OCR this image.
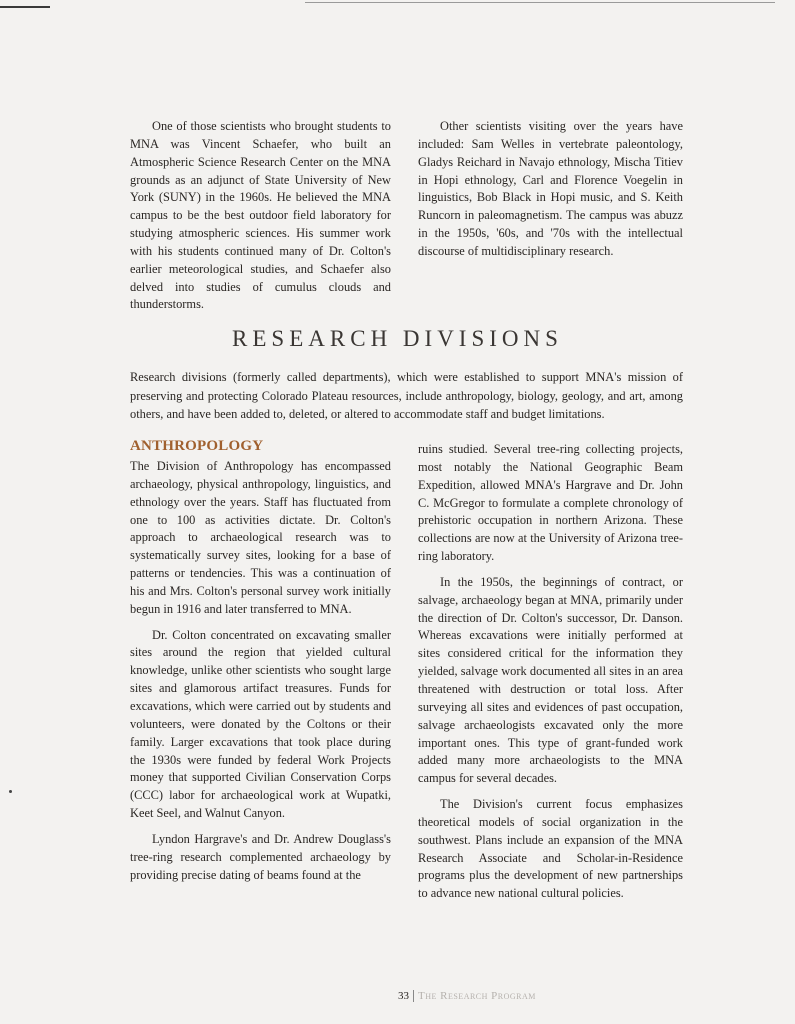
One of those scientists who brought students to MNA was Vincent Schaefer, who built an Atmospheric Science Research Center on the MNA grounds as an adjunct of State University of New York (SUNY) in the 1960s. He believed the MNA campus to be the best outdoor field laboratory for studying atmospheric sciences. His summer work with his students continued many of Dr. Colton's earlier meteorological studies, and Schaefer also delved into studies of cumulus clouds and thunderstorms.

Other scientists visiting over the years have included: Sam Welles in vertebrate paleontology, Gladys Reichard in Navajo ethnology, Mischa Titiev in Hopi ethnology, Carl and Florence Voegelin in linguistics, Bob Black in Hopi music, and S. Keith Runcorn in paleomagnetism. The campus was abuzz in the 1950s, '60s, and '70s with the intellectual discourse of multidisciplinary research.

RESEARCH DIVISIONS
Research divisions (formerly called departments), which were established to support MNA's mission of preserving and protecting Colorado Plateau resources, include anthropology, biology, geology, and art, among others, and have been added to, deleted, or altered to accommodate staff and budget limitations.
ANTHROPOLOGY

The Division of Anthropology has encompassed archaeology, physical anthropology, linguistics, and ethnology over the years. Staff has fluctuated from one to 100 as activities dictate. Dr. Colton's approach to archaeological research was to systematically survey sites, looking for a base of patterns or tendencies. This was a continuation of his and Mrs. Colton's personal survey work initially begun in 1916 and later transferred to MNA.

Dr. Colton concentrated on excavating smaller sites around the region that yielded cultural knowledge, unlike other scientists who sought large sites and glamorous artifact treasures. Funds for excavations, which were carried out by students and volunteers, were donated by the Coltons or their family. Larger excavations that took place during the 1930s were funded by federal Work Projects money that supported Civilian Conservation Corps (CCC) labor for archaeological work at Wupatki, Keet Seel, and Walnut Canyon.

Lyndon Hargrave's and Dr. Andrew Douglass's tree-ring research complemented archaeology by providing precise dating of beams found at the

ruins studied. Several tree-ring collecting projects, most notably the National Geographic Beam Expedition, allowed MNA's Hargrave and Dr. John C. McGregor to formulate a complete chronology of prehistoric occupation in northern Arizona. These collections are now at the University of Arizona tree-ring laboratory.

In the 1950s, the beginnings of contract, or salvage, archaeology began at MNA, primarily under the direction of Dr. Colton's successor, Dr. Danson. Whereas excavations were initially performed at sites considered critical for the information they yielded, salvage work documented all sites in an area threatened with destruction or total loss. After surveying all sites and evidences of past occupation, salvage archaeologists excavated only the more important ones. This type of grant-funded work added many more archaeologists to the MNA campus for several decades.

The Division's current focus emphasizes theoretical models of social organization in the southwest. Plans include an expansion of the MNA Research Associate and Scholar-in-Residence programs plus the development of new partnerships to advance new national cultural policies.

33 The Research Program
